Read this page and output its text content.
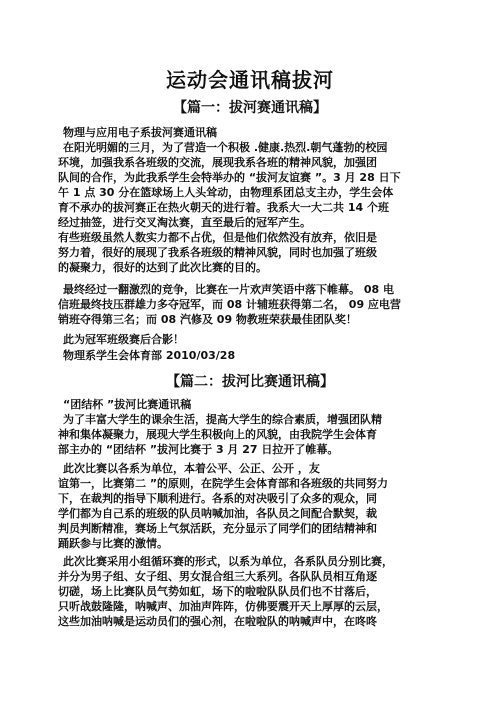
运动会通讯稿拔河
【篇一：拔河赛通讯稿】
物理与应用电子系拔河赛通讯稿
在阳光明媚的三月，为了营造一个积极 .健康.热烈.朝气蓬勃的校园
环境，加强我系各班级的交流，展现我系各班的精神风貌，加强团
队间的合作，为此我系学生会特举办的 “拔河友谊赛 ”。3 月 28 日下
午 1 点 30 分在篮球场上人头耸动，由物理系团总支主办，学生会体
育不承办的拔河赛正在热火朝天的进行着。我系大一大二共 14 个班
经过抽签，进行交叉淘汰赛，直至最后的冠军产生。
有些班级虽然人数实力都不占优，但是他们依然没有放弃，依旧是
努力着，很好的展现了我系各班级的精神风貌，同时也加强了班级
的凝聚力，很好的达到了此次比赛的目的。
最终经过一翻激烈的竞争，比赛在一片欢声笑语中落下帷幕。 08 电
信班最终技压群雄力多夺冠军，而 08 计辅班获得第二名， 09 应电营
销班夺得第三名；而 08 汽修及 09 物教班荣获最佳团队奖！
此为冠军班级赛后合影！
物理系学生会体育部 2010/03/28
【篇二：拔河比赛通讯稿】
“团结杯 ”拔河比赛通讯稿
为了丰富大学生的课余生活，提高大学生的综合素质，增强团队精
神和集体凝聚力，展现大学生积极向上的风貌，由我院学生会体育
部主办的 “团结杯 ”拔河比赛于 3 月 27 日拉开了帷幕。
此次比赛以各系为单位，本着公平、公正、公开 ，友
谊第一，比赛第二 ”的原则，在院学生会体育部和各班级的共同努力
下，在裁判的指导下顺利进行。各系的对决吸引了众多的观众，同
学们都为自己系的班级的队员呐喊加油，各队员之间配合默契，裁
判员判断精准，赛场上气氛活跃，充分显示了同学们的团结精神和
踊跃参与比赛的激情。
此次比赛采用小组循环赛的形式，以系为单位，各系队员分别比赛，
并分为男子组、女子组、男女混合组三大系列。各队队员相互角逐
切磋，场上比赛队员气势如虹，场下的啦啦队队员们也不甘落后，
只听战鼓隆隆，呐喊声、加油声阵阵，仿佛要震开天上厚厚的云层，
这些加油呐喊是运动员们的强心剂，在啦啦队的呐喊声中，在咚咚
